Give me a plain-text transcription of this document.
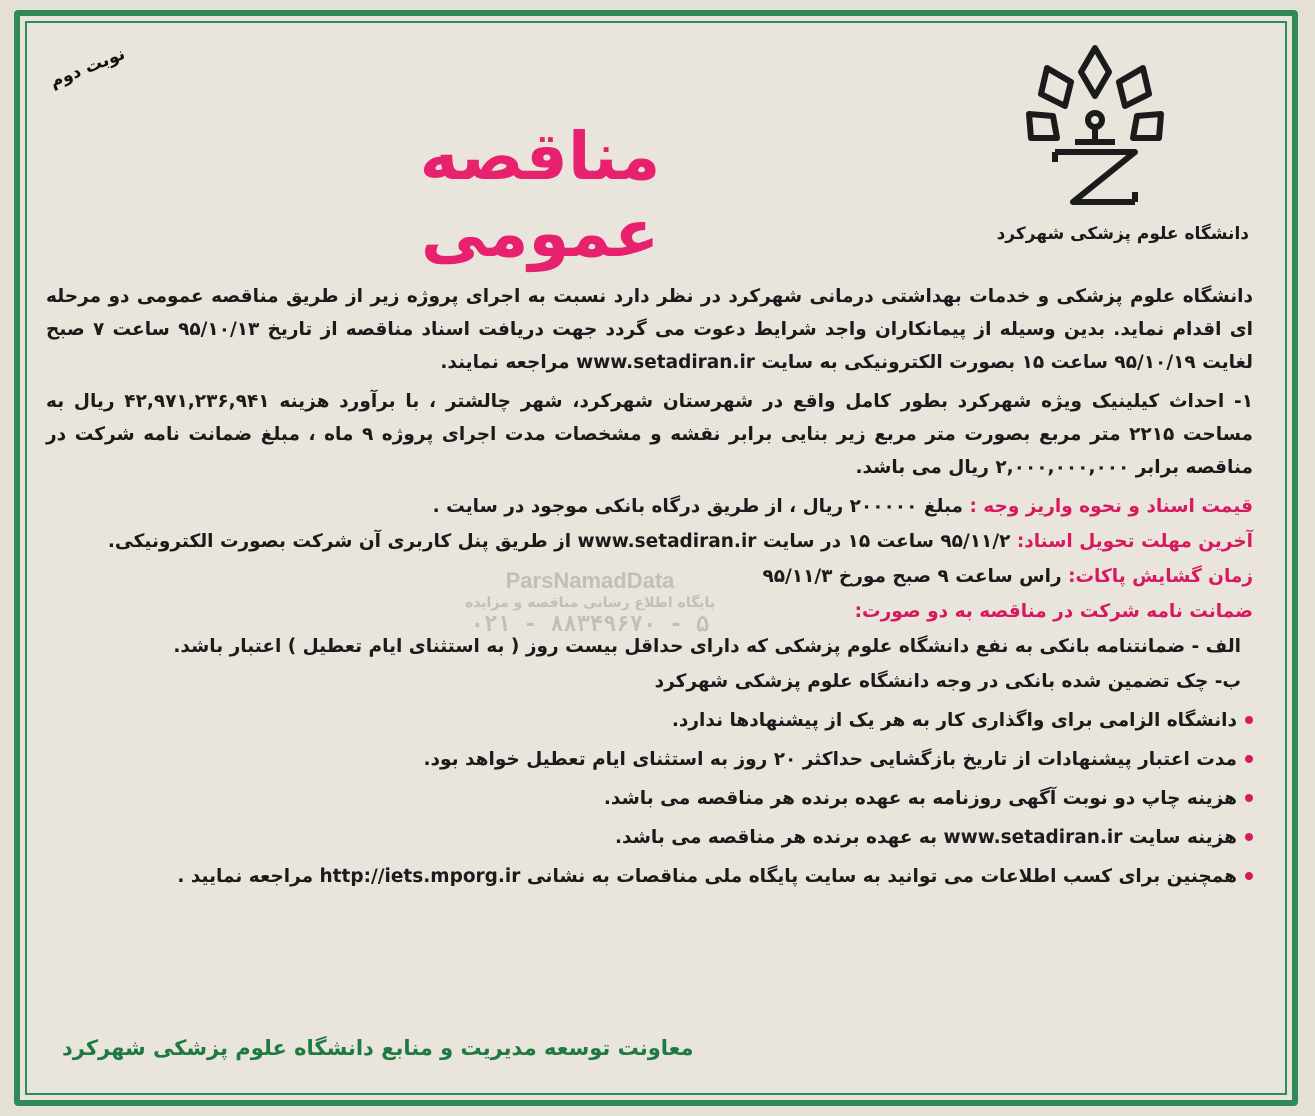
دانشگاه علوم پزشکی شهرکرد
نوبت دوم
مناقصه عمومی
ParsNamadData
پایگاه اطلاع رسانی مناقصه و مزایده
۰۲۱ - ۸۸۳۴۹۶۷۰ - ۵

دانشگاه علوم پزشکی و خدمات بهداشتی درمانی شهرکرد در نظر دارد نسبت به اجرای پروژه زیر از طریق مناقصه عمومی دو مرحله ای اقدام نماید. بدین وسیله از پیمانکاران واجد شرایط دعوت می گردد جهت دریافت اسناد مناقصه از تاریخ ۹۵/۱۰/۱۳ ساعت ۷ صبح لغایت ۹۵/۱۰/۱۹ ساعت ۱۵ بصورت الکترونیکی به سایت www.setadiran.ir مراجعه نمایند.

۱- احداث کیلینیک ویژه شهرکرد بطور کامل واقع در شهرستان شهرکرد، شهر چالشتر ، با برآورد هزینه ۴۲,۹۷۱,۲۳۶,۹۴۱ ریال به مساحت ۲۲۱۵ متر مربع بصورت متر مربع زیر بنایی برابر نقشه و مشخصات مدت اجرای پروژه ۹ ماه ، مبلغ ضمانت نامه شرکت در مناقصه برابر ۲,۰۰۰,۰۰۰,۰۰۰ ریال می باشد.

قیمت اسناد و نحوه واریز وجه : مبلغ ۲۰۰۰۰۰ ریال ، از طریق درگاه بانکی موجود در سایت .
آخرین مهلت تحویل اسناد: ۹۵/۱۱/۲ ساعت ۱۵ در سایت www.setadiran.ir از طریق پنل کاربری آن شرکت بصورت الکترونیکی.
زمان گشایش پاکات: راس ساعت ۹ صبح مورخ ۹۵/۱۱/۳
ضمانت نامه شرکت در مناقصه به دو صورت:
الف - ضمانتنامه بانکی به نفع دانشگاه علوم پزشکی که دارای حداقل بیست روز ( به استثنای ایام تعطیل ) اعتبار باشد.
ب- چک تضمین شده بانکی در وجه دانشگاه علوم پزشکی شهرکرد
دانشگاه الزامی برای واگذاری کار به هر یک از پیشنهادها ندارد.
مدت اعتبار پیشنهادات از تاریخ بازگشایی حداکثر ۲۰ روز به استثنای ایام تعطیل خواهد بود.
هزینه چاپ دو نوبت آگهی روزنامه به عهده برنده هر مناقصه می باشد.
هزینه سایت www.setadiran.ir به عهده برنده هر مناقصه می باشد.
همچنین برای کسب اطلاعات می توانید به سایت پایگاه ملی مناقصات به نشانی http://iets.mporg.ir مراجعه نمایید .
معاونت توسعه مدیریت و منابع دانشگاه علوم پزشکی شهرکرد
